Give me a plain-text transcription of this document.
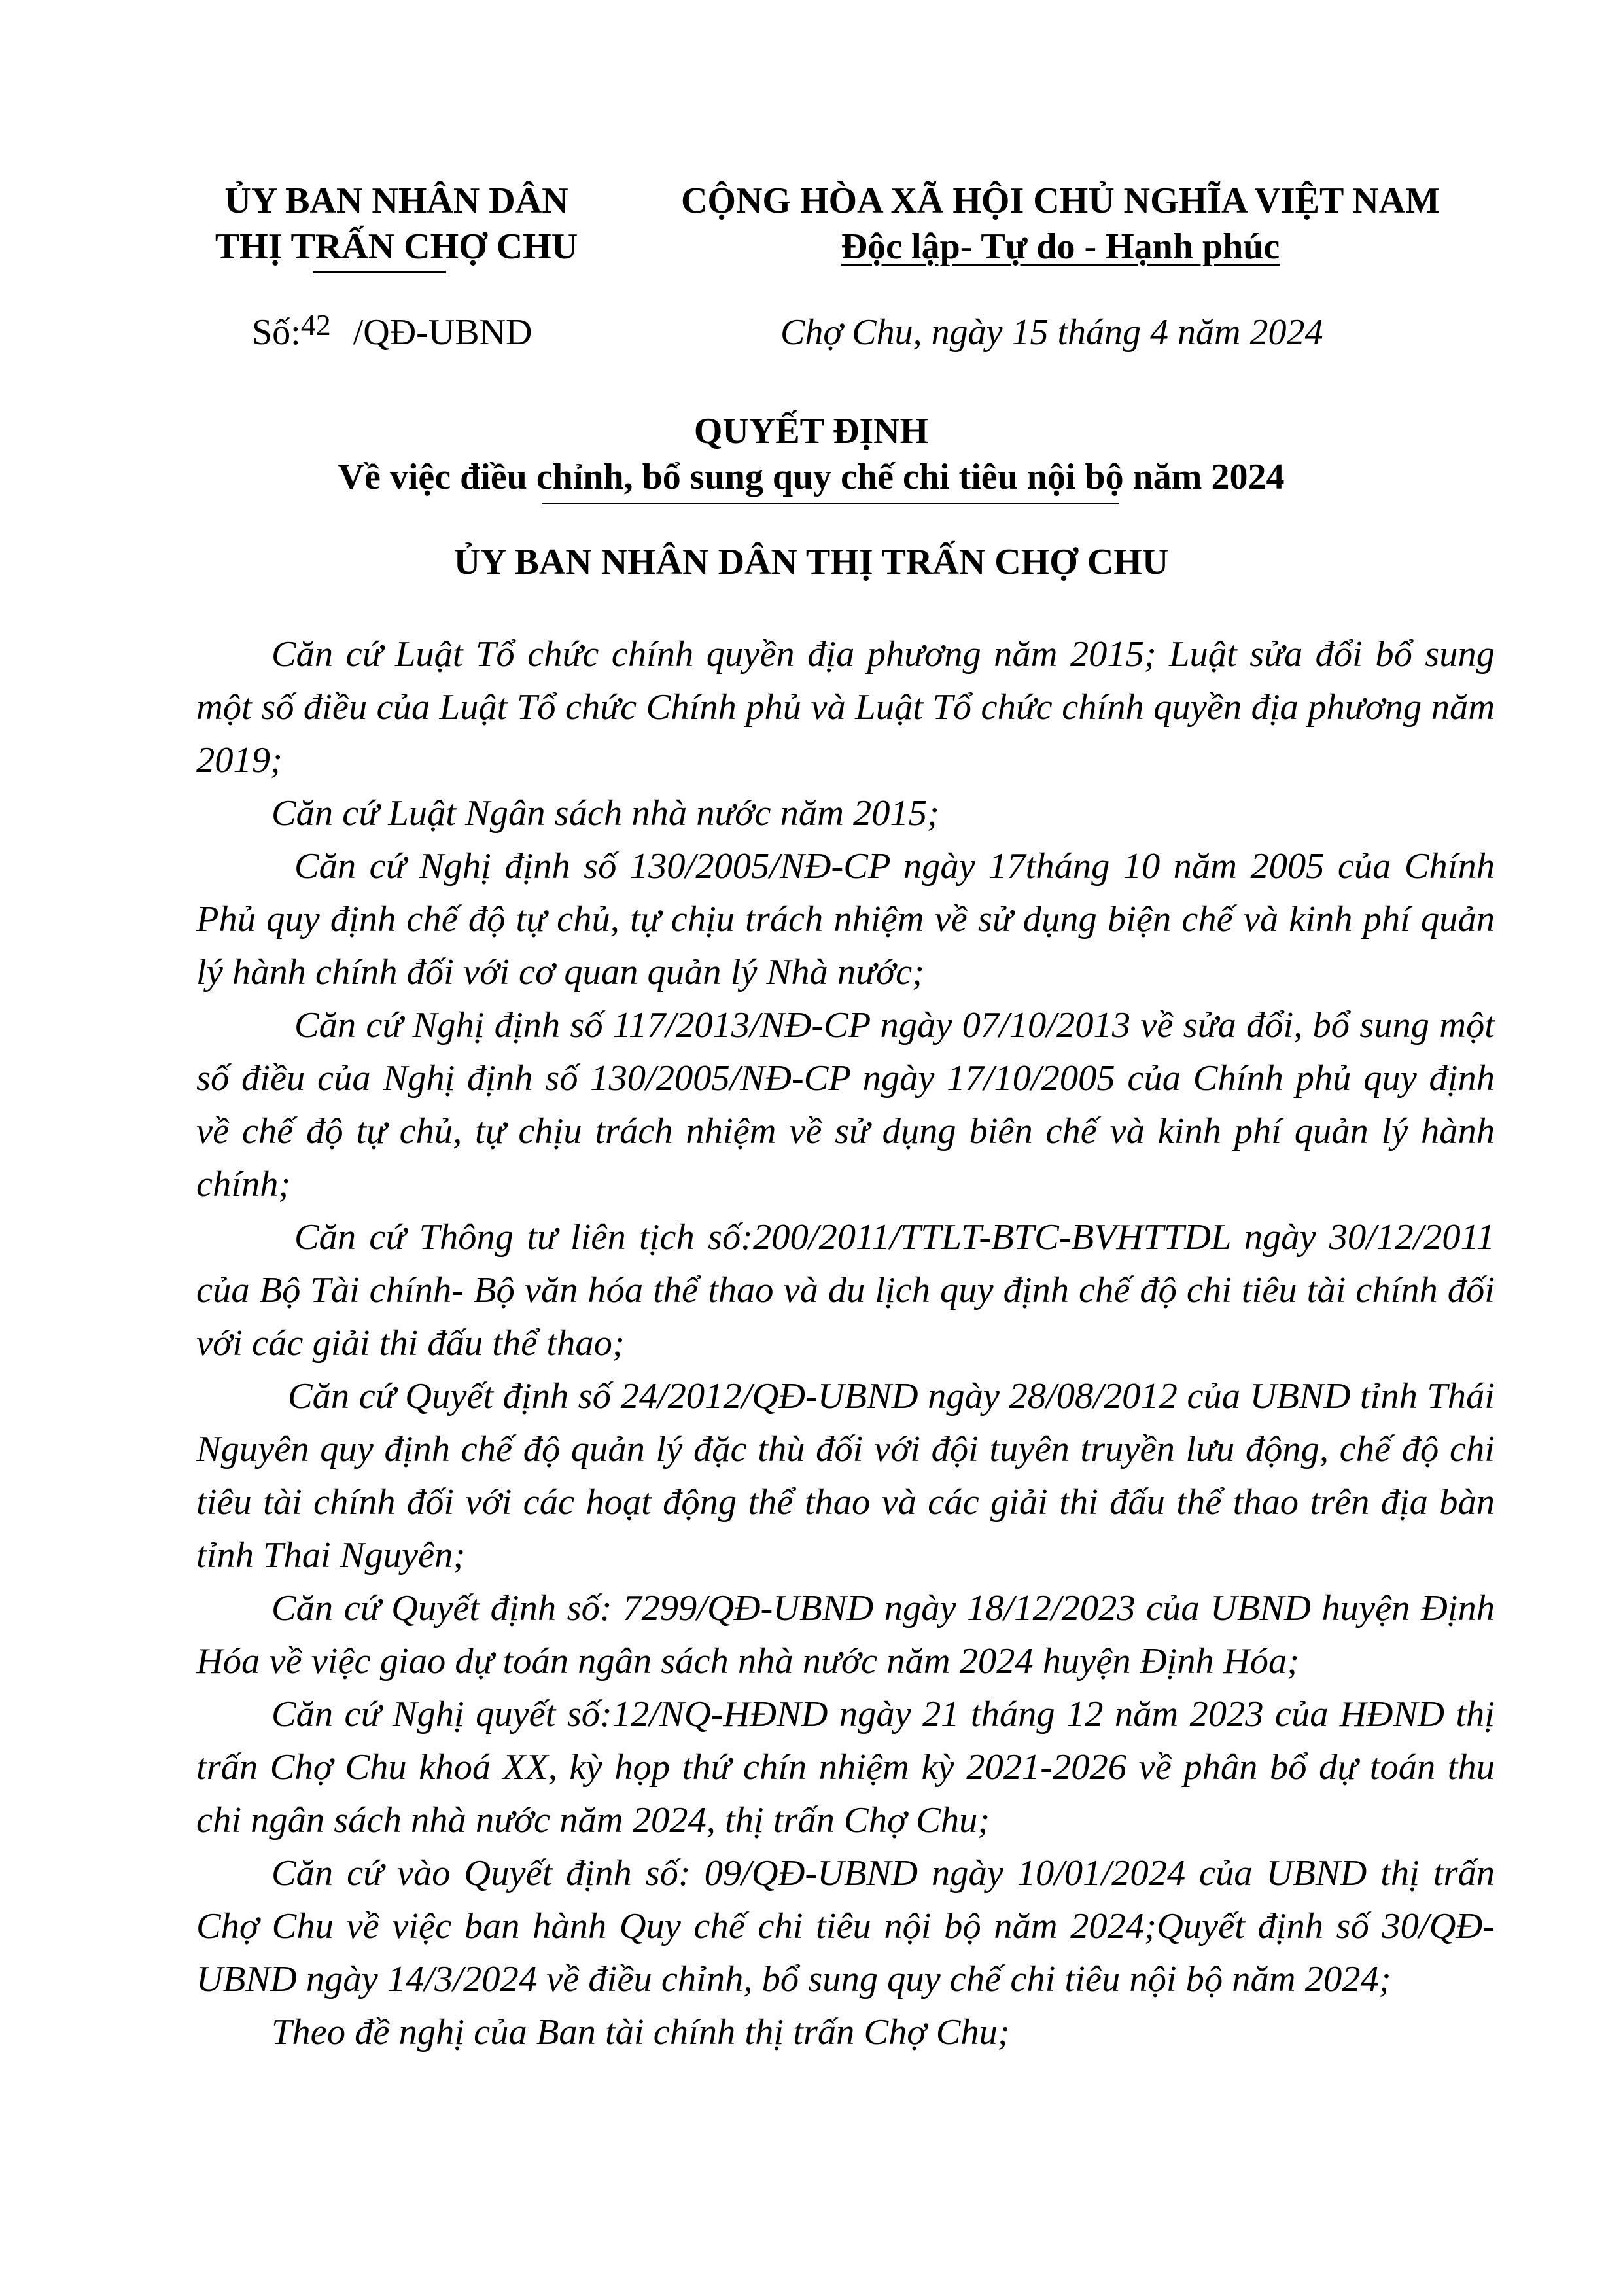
ỦY BAN NHÂN DÂN
THỊ TRẤN CHỢ CHU
CỘNG HÒA XÃ HỘI CHỦ NGHĨA VIỆT NAM
Độc lập- Tự do - Hạnh phúc
Số:$^{42}$ /QĐ-UBND	Chợ Chu, ngày 15 tháng 4 năm 2024
QUYẾT ĐỊNH
Về việc điều chỉnh, bổ sung quy chế chi tiêu nội bộ năm 2024
ỦY BAN NHÂN DÂN THỊ TRẤN CHỢ CHU

Căn cứ Luật Tổ chức chính quyền địa phương năm 2015; Luật sửa đổi bổ sung một số điều của Luật Tổ chức Chính phủ và Luật Tổ chức chính quyền địa phương năm 2019;

Căn cứ Luật Ngân sách nhà nước năm 2015;

Căn cứ Nghị định số 130/2005/NĐ-CP ngày 17tháng 10 năm 2005 của Chính Phủ quy định chế độ tự chủ, tự chịu trách nhiệm về sử dụng biện chế và kinh phí quản lý hành chính đối với cơ quan quản lý Nhà nước;

Căn cứ Nghị định số 117/2013/NĐ-CP ngày 07/10/2013 về sửa đổi, bổ sung một số điều của Nghị định số 130/2005/NĐ-CP ngày 17/10/2005 của Chính phủ quy định về chế độ tự chủ, tự chịu trách nhiệm về sử dụng biên chế và kinh phí quản lý hành chính;

Căn cứ Thông tư liên tịch số:200/2011/TTLT-BTC-BVHTTDL ngày 30/12/2011 của Bộ Tài chính- Bộ văn hóa thể thao và du lịch quy định chế độ chi tiêu tài chính đối với các giải thi đấu thể thao;

Căn cứ Quyết định số 24/2012/QĐ-UBND ngày 28/08/2012 của UBND tỉnh Thái Nguyên quy định chế độ quản lý đặc thù đối với đội tuyên truyền lưu động, chế độ chi tiêu tài chính đối với các hoạt động thể thao và các giải thi đấu thể thao trên địa bàn tỉnh Thai Nguyên;

Căn cứ Quyết định số: 7299/QĐ-UBND ngày 18/12/2023 của UBND huyện Định Hóa về việc giao dự toán ngân sách nhà nước năm 2024 huyện Định Hóa;

Căn cứ Nghị quyết số:12/NQ-HĐND ngày 21 tháng 12 năm 2023 của HĐND thị trấn Chợ Chu khoá XX, kỳ họp thứ chín nhiệm kỳ 2021-2026 về phân bổ dự toán thu chi ngân sách nhà nước năm 2024, thị trấn Chợ Chu;

Căn cứ vào Quyết định số: 09/QĐ-UBND ngày 10/01/2024 của UBND thị trấn Chợ Chu về việc ban hành Quy chế chi tiêu nội bộ năm 2024;Quyết định số 30/QĐ-UBND ngày 14/3/2024 về điều chỉnh, bổ sung quy chế chi tiêu nội bộ năm 2024;

Theo đề nghị của Ban tài chính thị trấn Chợ Chu;
